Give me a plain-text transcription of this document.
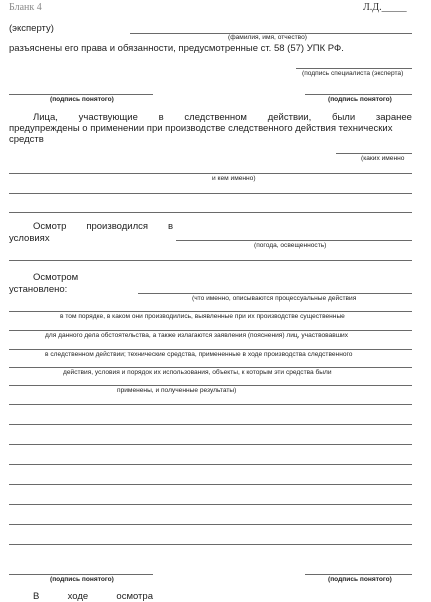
Бланк 4	Л.Д._____
(эксперту)
(фамилия, имя, отчество)
разъяснены его права и обязанности, предусмотренные ст. 58 (57) УПК РФ.
(подпись специалиста (эксперта)
(подпись понятого)	(подпись понятого)
Лица, участвующие в следственном действии, были заранее
предупреждены о применении при производстве следственного действия технических
средств
(каких именно
и кем именно)
Осмотр производился в
условиях
(погода, освещенность)
Осмотром
установлено:
(что именно, описываются процессуальные действия
в том порядке, в каком они производились, выявленные при их производстве существенные
для данного дела обстоятельства, а также излагаются заявления (пояснения) лиц, участвовавших
в следственном действии; технические средства, примененные в ходе производства следственного
действия, условия и порядок их использования, объекты, к которым эти средства были
применены, и полученные результаты)
(подпись понятого)	(подпись понятого)
В	ходе	осмотра
